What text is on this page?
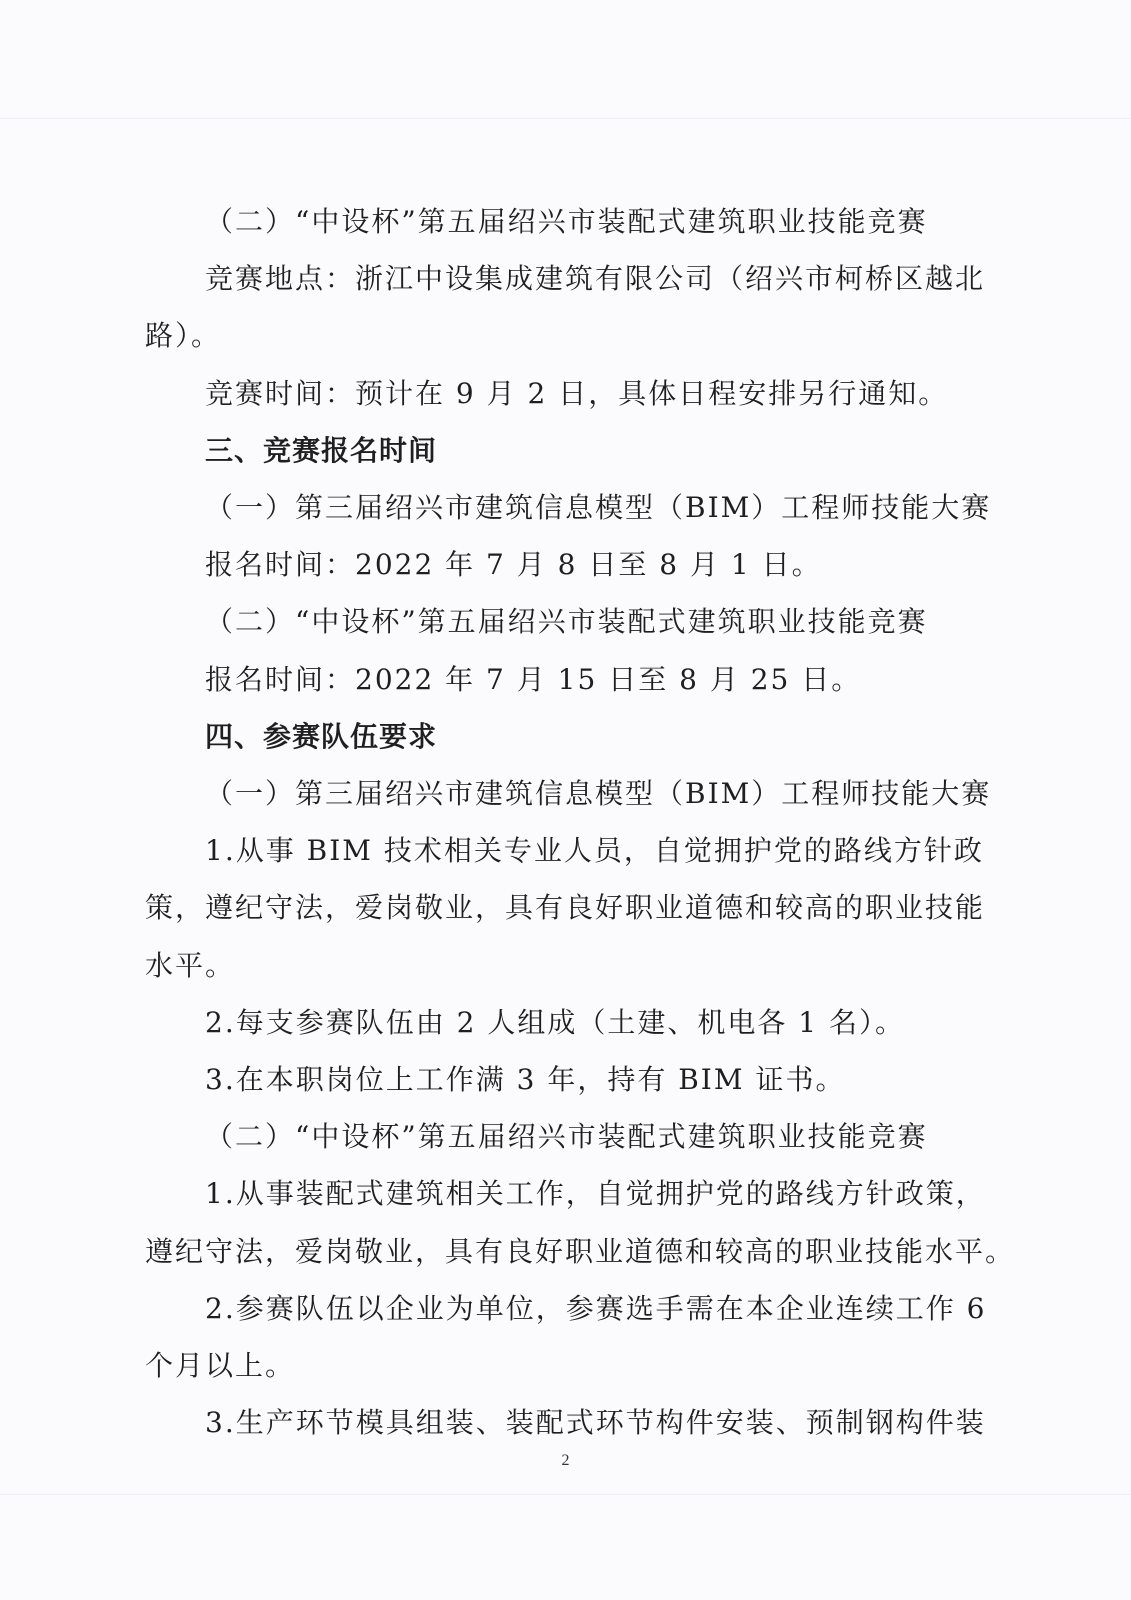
（二）“中设杯”第五届绍兴市装配式建筑职业技能竞赛

竞赛地点：浙江中设集成建筑有限公司（绍兴市柯桥区越北

路）。

竞赛时间：预计在 9 月 2 日，具体日程安排另行通知。

三、竞赛报名时间

（一）第三届绍兴市建筑信息模型（BIM）工程师技能大赛

报名时间：2022 年 7 月 8 日至 8 月 1 日。

（二）“中设杯”第五届绍兴市装配式建筑职业技能竞赛

报名时间：2022 年 7 月 15 日至 8 月 25 日。

四、参赛队伍要求

（一）第三届绍兴市建筑信息模型（BIM）工程师技能大赛

1.从事 BIM 技术相关专业人员，自觉拥护党的路线方针政

策，遵纪守法，爱岗敬业，具有良好职业道德和较高的职业技能

水平。

2.每支参赛队伍由 2 人组成（土建、机电各 1 名）。

3.在本职岗位上工作满 3 年，持有 BIM 证书。

（二）“中设杯”第五届绍兴市装配式建筑职业技能竞赛

1.从事装配式建筑相关工作，自觉拥护党的路线方针政策，

遵纪守法，爱岗敬业，具有良好职业道德和较高的职业技能水平。

2.参赛队伍以企业为单位，参赛选手需在本企业连续工作 6

个月以上。

3.生产环节模具组装、装配式环节构件安装、预制钢构件装

2
